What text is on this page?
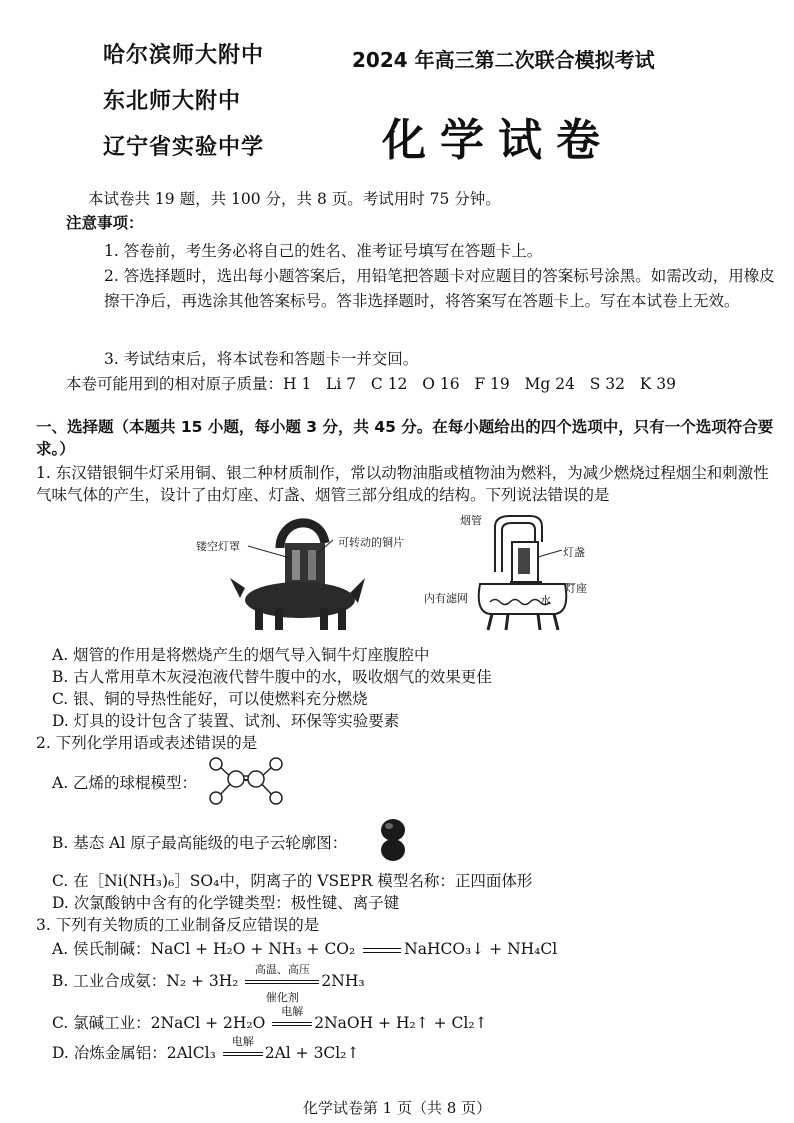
哈尔滨师大附中
东北师大附中
辽宁省实验中学
2024 年高三第二次联合模拟考试
化学试卷
本试卷共 19 题，共 100 分，共 8 页。考试用时 75 分钟。
注意事项：
1. 答卷前，考生务必将自己的姓名、准考证号填写在答题卡上。
2. 答选择题时，选出每小题答案后，用铅笔把答题卡对应题目的答案标号涂黑。如需改动，用橡皮擦干净后，再选涂其他答案标号。答非选择题时，将答案写在答题卡上。写在本试卷上无效。
3. 考试结束后，将本试卷和答题卡一并交回。
本卷可能用到的相对原子质量：H 1   Li 7   C 12   O 16   F 19   Mg 24   S 32   K 39
一、选择题（本题共 15 小题，每小题 3 分，共 45 分。在每小题给出的四个选项中，只有一个选项符合要求。）
1. 东汉错银铜牛灯采用铜、银二种材质制作，常以动物油脂或植物油为燃料，为减少燃烧过程烟尘和刺激性气味气体的产生，设计了由灯座、灯盏、烟管三部分组成的结构。下列说法错误的是
镂空灯罩	可转动的铜片
烟管
灯盏
灯座
内有滤网	水
A. 烟管的作用是将燃烧产生的烟气导入铜牛灯座腹腔中
B. 古人常用草木灰浸泡液代替牛腹中的水，吸收烟气的效果更佳
C. 银、铜的导热性能好，可以使燃料充分燃烧
D. 灯具的设计包含了装置、试剂、环保等实验要素
2. 下列化学用语或表述错误的是
A. 乙烯的球棍模型：
B. 基态 Al 原子最高能级的电子云轮廓图：
C. 在［Ni(NH₃)₆］SO₄中，阴离子的 VSEPR 模型名称：正四面体形
D. 次氯酸钠中含有的化学键类型：极性键、离子键
3. 下列有关物质的工业制备反应错误的是
A. 侯氏制碱：NaCl + H₂O + NH₃ + CO₂	NaHCO₃↓ + NH₄Cl
B. 工业合成氨：N₂ + 3H₂
高温、高压
催化剂
2NH₃
C. 氯碱工业：2NaCl + 2H₂O
电解
2NaOH + H₂↑ + Cl₂↑
D. 冶炼金属铝：2AlCl₃
电解
2Al + 3Cl₂↑
化学试卷第 1 页（共 8 页）
